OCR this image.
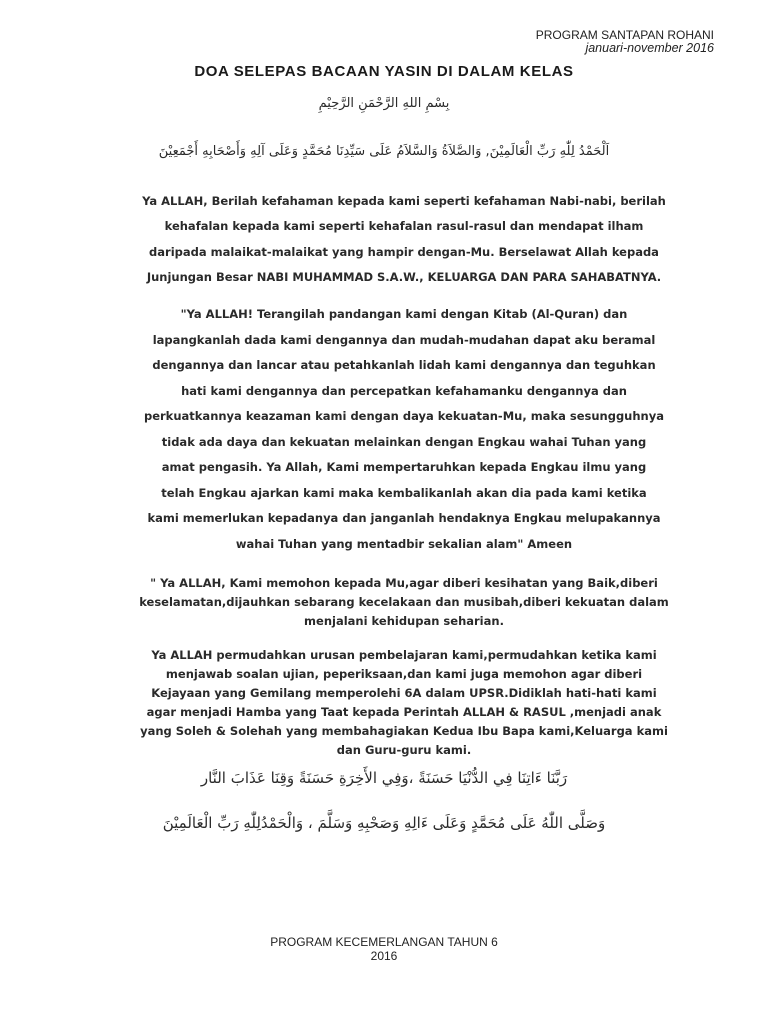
PROGRAM SANTAPAN ROHANI
januari-november 2016
DOA SELEPAS BACAAN YASIN DI DALAM KELAS
بِسْمِ اللهِ الرَّحْمَنِ الرَّحِيْمِ
اَلْحَمْدُ لِلّٰهِ رَبِّ الْعَالَمِيْنَ, وَالصَّلاَةُ وَالسَّلاَمُ عَلَى سَيِّدِنَا مُحَمَّدٍ وَعَلَى آلِهِ وَأَصْحَابِهِ أَجْمَعِيْنَ
Ya ALLAH, Berilah kefahaman kepada kami seperti kefahaman Nabi-nabi, berilah
kehafalan kepada kami seperti kehafalan rasul-rasul dan mendapat ilham
daripada malaikat-malaikat yang hampir dengan-Mu. Berselawat Allah kepada
Junjungan Besar NABI MUHAMMAD S.A.W., KELUARGA DAN PARA SAHABATNYA.
"Ya ALLAH! Terangilah pandangan kami dengan Kitab (Al-Quran) dan
lapangkanlah dada kami dengannya dan mudah-mudahan dapat aku beramal
dengannya dan lancar atau petahkanlah lidah kami dengannya dan teguhkan
hati kami dengannya dan percepatkan kefahamanku dengannya dan
perkuatkannya keazaman kami dengan daya kekuatan-Mu, maka sesungguhnya
tidak ada daya dan kekuatan melainkan dengan Engkau wahai Tuhan yang
amat pengasih. Ya Allah, Kami mempertaruhkan kepada Engkau ilmu yang
telah Engkau ajarkan kami maka kembalikanlah akan dia pada kami ketika
kami memerlukan kepadanya dan janganlah hendaknya Engkau melupakannya
wahai Tuhan yang mentadbir sekalian alam" Ameen
" Ya ALLAH, Kami memohon kepada Mu,agar diberi kesihatan yang Baik,diberi
keselamatan,dijauhkan sebarang kecelakaan dan musibah,diberi kekuatan dalam
menjalani kehidupan seharian.
Ya ALLAH permudahkan urusan pembelajaran kami,permudahkan ketika kami
menjawab soalan ujian, peperiksaan,dan kami juga memohon agar diberi
Kejayaan yang Gemilang memperolehi 6A dalam UPSR.Didiklah hati-hati kami
agar menjadi Hamba yang Taat kepada Perintah ALLAH & RASUL ,menjadi anak
yang Soleh & Solehah yang membahagiakan Kedua Ibu Bapa kami,Keluarga kami
dan Guru-guru kami.
رَبَّنَا ءَاتِنَا فِي الدُّنْيَا حَسَنَةً ،وَفِي الأَخِرَةِ حَسَنَةً وَقِنَا عَذَابَ النَّار
وَصَلَّى اللّٰهُ عَلَى مُحَمَّدٍ وَعَلَى ءَالِهِ وَصَحْبِهِ وَسَلَّمَ ، وَالْحَمْدُلِلّٰهِ رَبِّ الْعَالَمِيْنَ
PROGRAM KECEMERLANGAN TAHUN 6
2016
